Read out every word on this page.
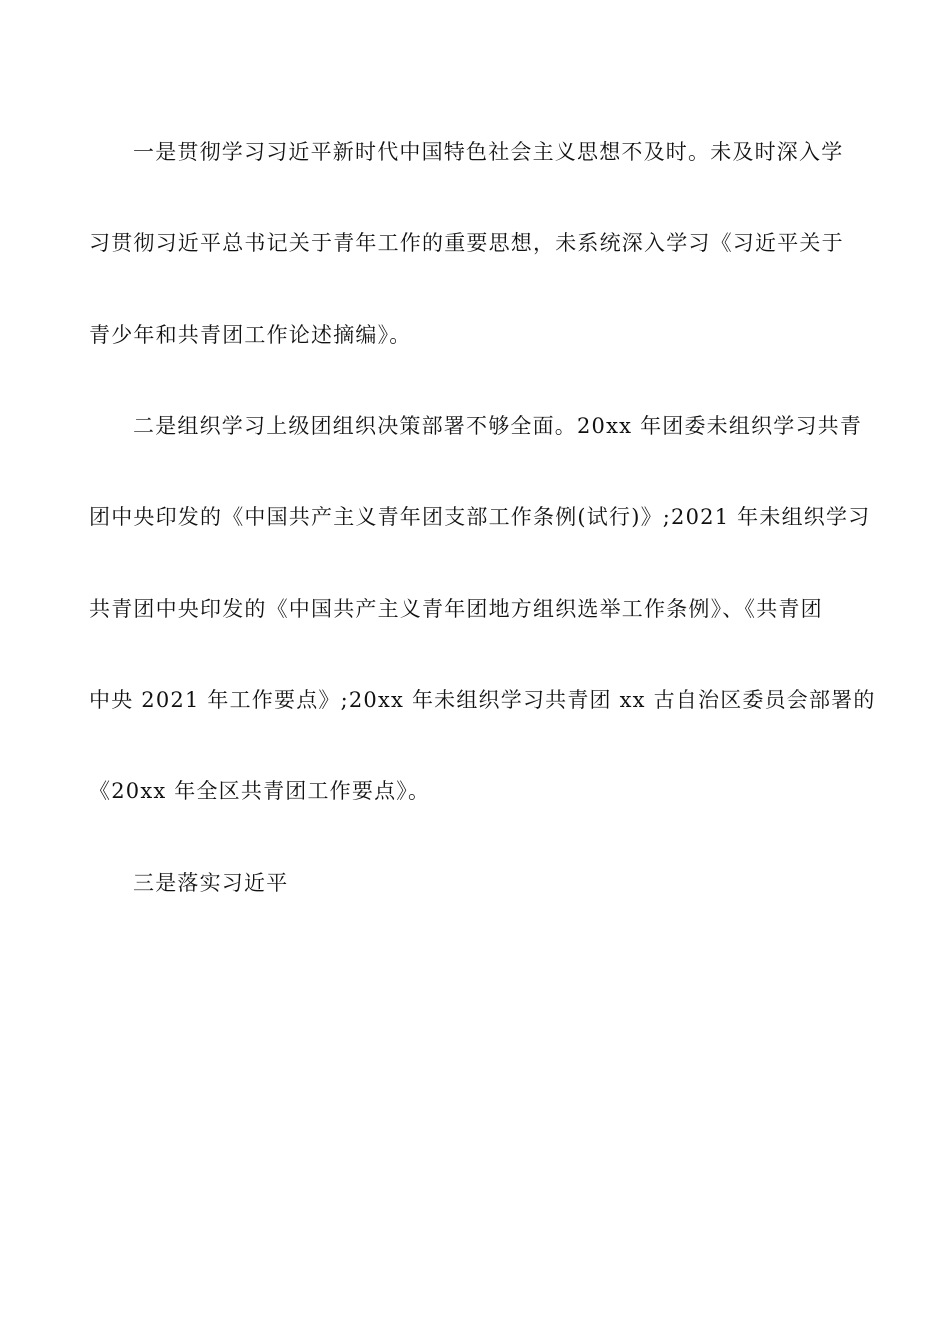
一是贯彻学习习近平新时代中国特色社会主义思想不及时。未及时深入学
习贯彻习近平总书记关于青年工作的重要思想，未系统深入学习《习近平关于
青少年和共青团工作论述摘编》。
二是组织学习上级团组织决策部署不够全面。20xx 年团委未组织学习共青
团中央印发的《中国共产主义青年团支部工作条例(试行)》;2021 年未组织学习
共青团中央印发的《中国共产主义青年团地方组织选举工作条例》、《共青团
中央 2021 年工作要点》;20xx 年未组织学习共青团 xx 古自治区委员会部署的
《20xx 年全区共青团工作要点》。
三是落实习近平
